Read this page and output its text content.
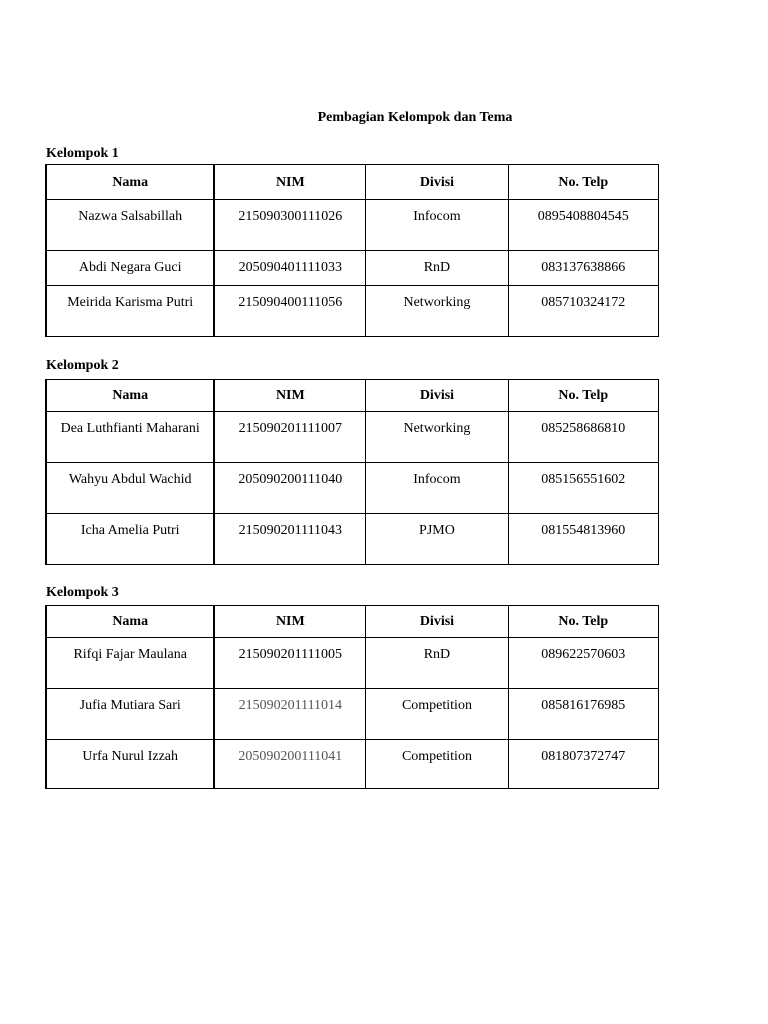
Pembagian Kelompok dan Tema
Kelompok 1
Nama	NIM	Divisi	No. Telp
Nazwa Salsabillah	215090300111026	Infocom	0895408804545
Abdi Negara Guci	205090401111033	RnD	083137638866
Meirida Karisma Putri	215090400111056	Networking	085710324172
Kelompok 2
Nama	NIM	Divisi	No. Telp
Dea Luthfianti Maharani	215090201111007	Networking	085258686810
Wahyu Abdul Wachid	205090200111040	Infocom	085156551602
Icha Amelia Putri	215090201111043	PJMO	081554813960
Kelompok 3
Nama	NIM	Divisi	No. Telp
Rifqi Fajar Maulana	215090201111005	RnD	089622570603
Jufia Mutiara Sari	215090201111014	Competition	085816176985
Urfa Nurul Izzah	205090200111041	Competition	081807372747
